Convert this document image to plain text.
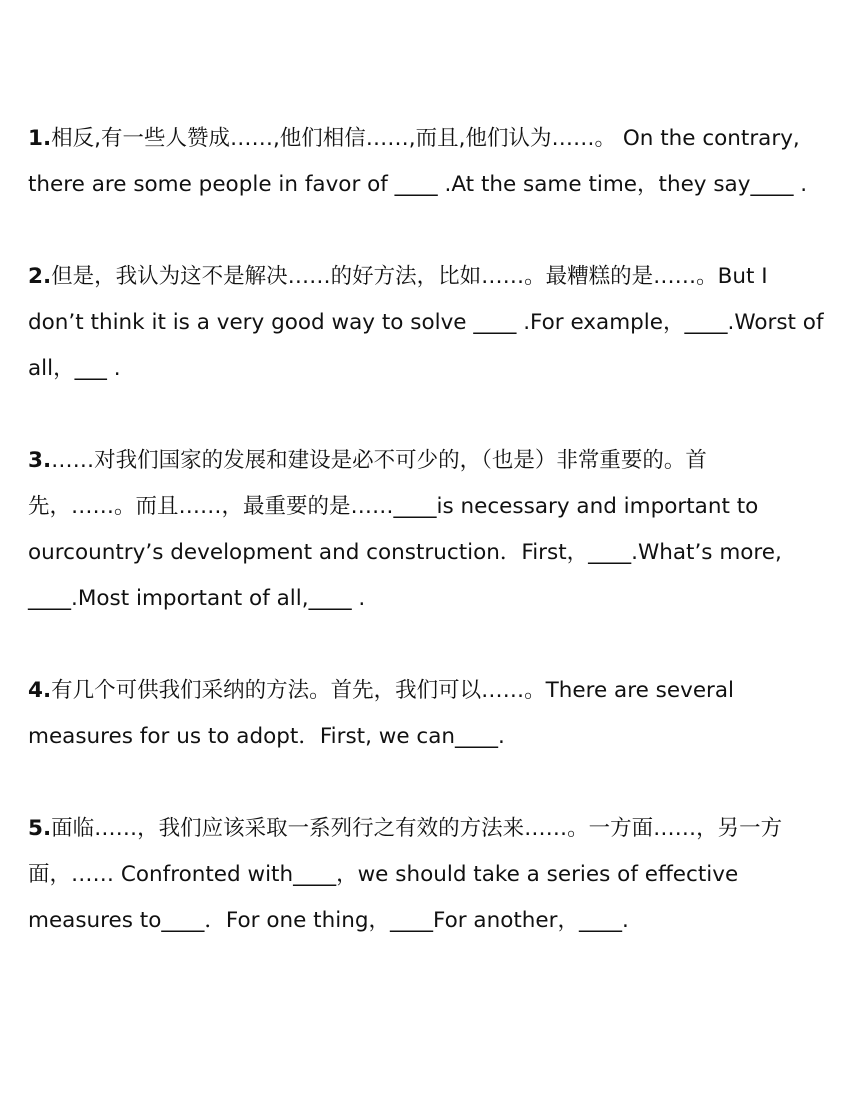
1.相反,有一些人赞成……,他们相信……,而且,他们认为……。 On the contrary,
there are some people in favor of ____ .At the same time，they say____ .
2.但是，我认为这不是解决……的好方法，比如……。最糟糕的是……。But I
don’t think it is a very good way to solve ____ .For example，____.Worst of
all，___ .
3.……对我们国家的发展和建设是必不可少的，（也是）非常重要的。首
先，……。而且……，最重要的是……____is necessary and important to
ourcountry’s development and construction．First，____.What’s more,
____.Most important of all,____ .
4.有几个可供我们采纳的方法。首先，我们可以……。There are several
measures for us to adopt．First, we can____.
5.面临……，我们应该采取一系列行之有效的方法来……。一方面……，另一方
面，…… Confronted with____，we should take a series of effective
measures to____．For one thing，____For another，____.
